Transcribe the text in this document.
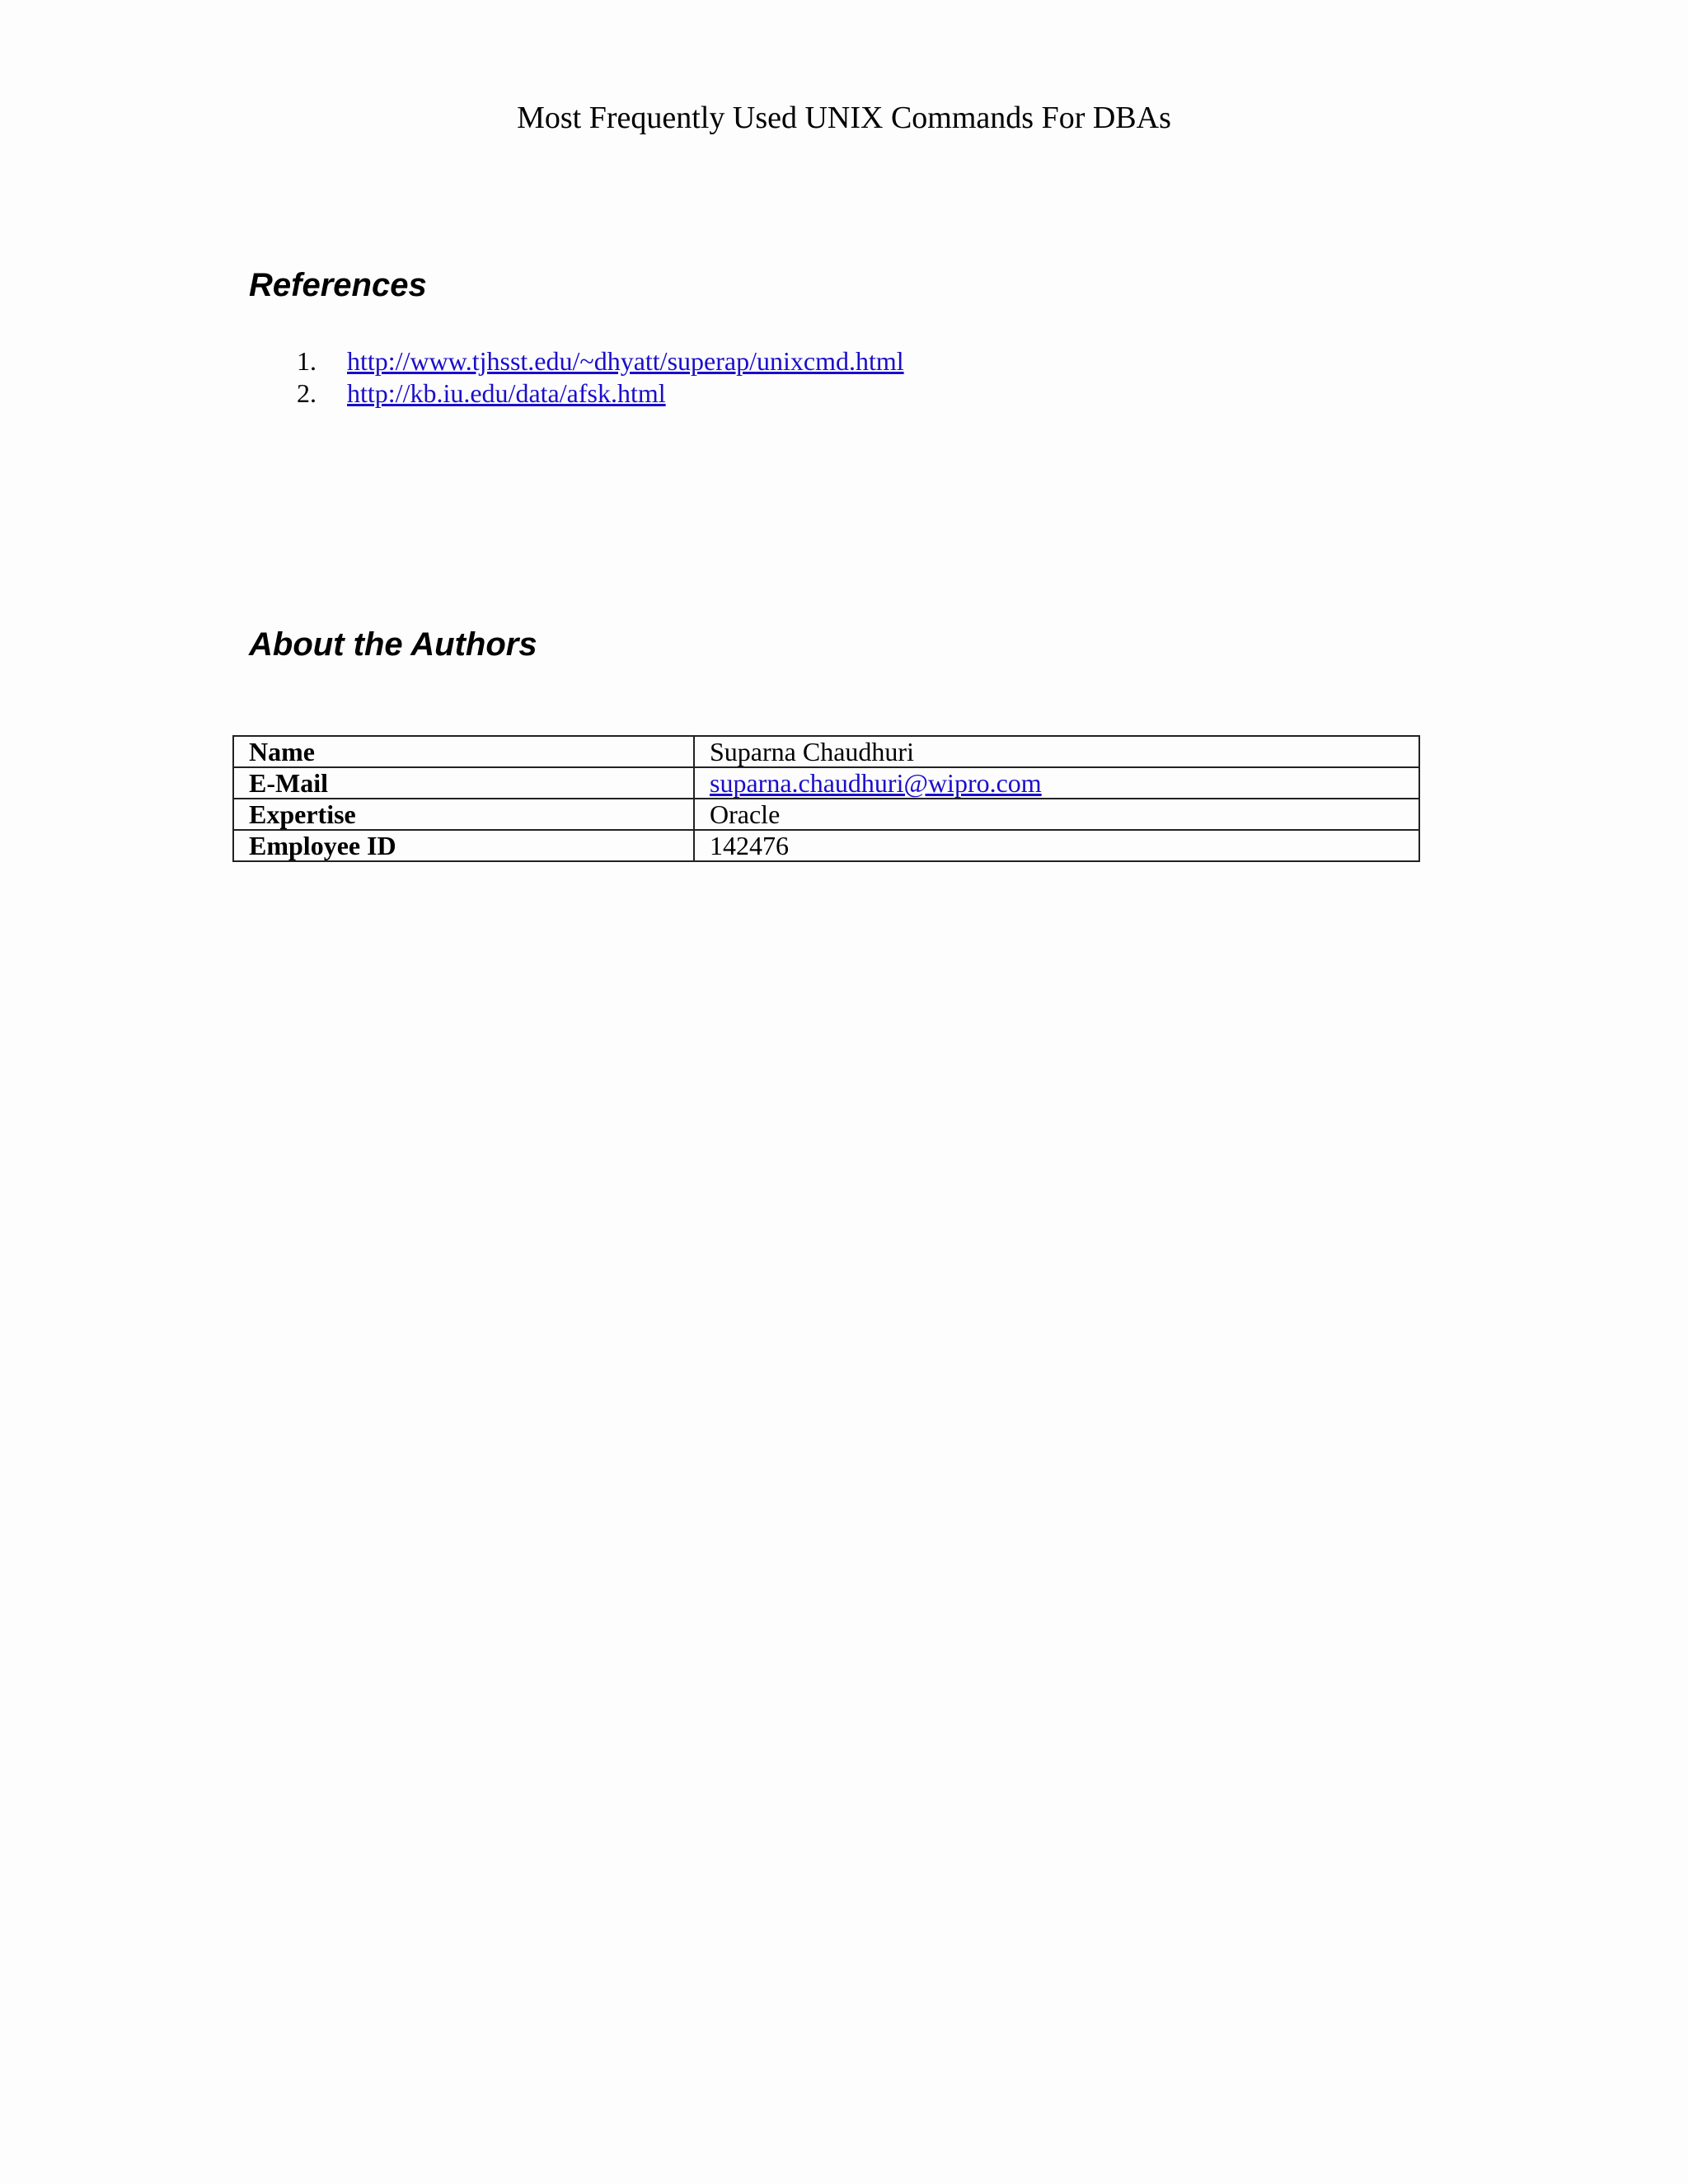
Most Frequently Used UNIX Commands For DBAs
References
1. http://www.tjhsst.edu/~dhyatt/superap/unixcmd.html
2. http://kb.iu.edu/data/afsk.html
About the Authors
Name	Suparna Chaudhuri
E-Mail	suparna.chaudhuri@wipro.com
Expertise	Oracle
Employee ID	142476
